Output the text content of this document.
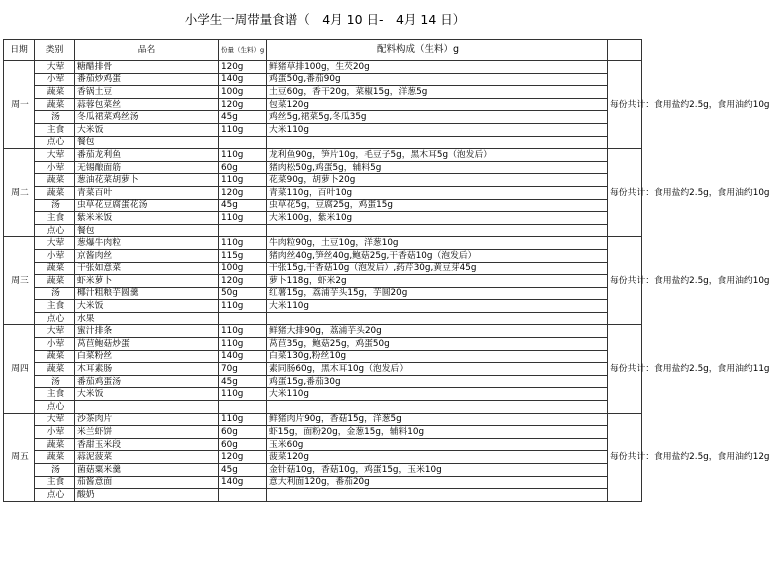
小学生一周带量食谱（　4月 10 日-　4月 14 日）
日期	类别	品名	份量（生料）g	配料构成（生料）g	
周一	大荤	糖醋排骨	120g	鲜猪草排100g，生芡20g	每份共计：食用盐约2.5g，食用油约10g
	小荤	番茄炒鸡蛋	140g	鸡蛋50g,番茄90g	
	蔬菜	香锅土豆	100g	土豆60g，香干20g，菜椒15g，洋葱5g	
	蔬菜	蒜蓉包菜丝	120g	包菜120g	
	汤	冬瓜裙菜鸡丝汤	45g	鸡丝5g,裙菜5g,冬瓜35g	
	主食	大米饭	110g	大米110g	
	点心	餐包			
周二	大荤	番茄龙利鱼	110g	龙利鱼90g，笋片10g，毛豆子5g，黑木耳5g（泡发后）	每份共计：食用盐约2.5g，食用油约10g
	小荤	无锡酿面筋	60g	猪肉松50g,鸡蛋5g，辅料5g	
	蔬菜	葱油花菜胡萝卜	110g	花菜90g，胡萝卜20g	
	蔬菜	青菜百叶	120g	青菜110g，百叶10g	
	汤	虫草花豆腐蛋花汤	45g	虫草花5g，豆腐25g，鸡蛋15g	
	主食	紫米米饭	110g	大米100g，紫米10g	
	点心	餐包			
周三	大荤	葱爆牛肉粒	110g	牛肉粒90g，土豆10g，洋葱10g	每份共计：食用盐约2.5g，食用油约10g
	小荤	京酱肉丝	115g	猪肉丝40g,笋丝40g,鲍菇25g,干香菇10g（泡发后）	
	蔬菜	干张如意菜	100g	干张15g,干香菇10g（泡发后）,药芹30g,黄豆芽45g	
	蔬菜	虾米萝卜	120g	萝卜118g，虾米2g	
	汤	椰汁粗粮芋圆羹	50g	红薯15g，荔浦芋头15g，芋圆20g	
	主食	大米饭	110g	大米110g	
	点心	水果			
周四	大荤	蜜汁排条	110g	鲜猪大排90g，荔浦芋头20g	每份共计：食用盐约2.5g，食用油约11g
	小荤	莴苣鲍菇炒蛋	110g	莴苣35g，鲍菇25g，鸡蛋50g	
	蔬菜	白菜粉丝	140g	白菜130g,粉丝10g	
	蔬菜	木耳素肠	70g	素同肠60g，黑木耳10g（泡发后）	
	汤	番茄鸡蛋汤	45g	鸡蛋15g,番茄30g	
	主食	大米饭	110g	大米110g	
	点心				
周五	大荤	沙茶肉片	110g	鲜猪肉片90g，香菇15g，洋葱5g	每份共计：食用盐约2.5g，食用油约12g
	小荤	米兰虾饼	60g	虾15g，面粉20g，金葱15g，辅料10g	
	蔬菜	香甜玉米段	60g	玉米60g	
	蔬菜	蒜泥菠菜	120g	菠菜120g	
	汤	菌菇粟米羹	45g	金针菇10g，香菇10g，鸡蛋15g，玉米10g	
	主食	茄酱意面	140g	意大利面120g，番茄20g	
	点心	酸奶			
